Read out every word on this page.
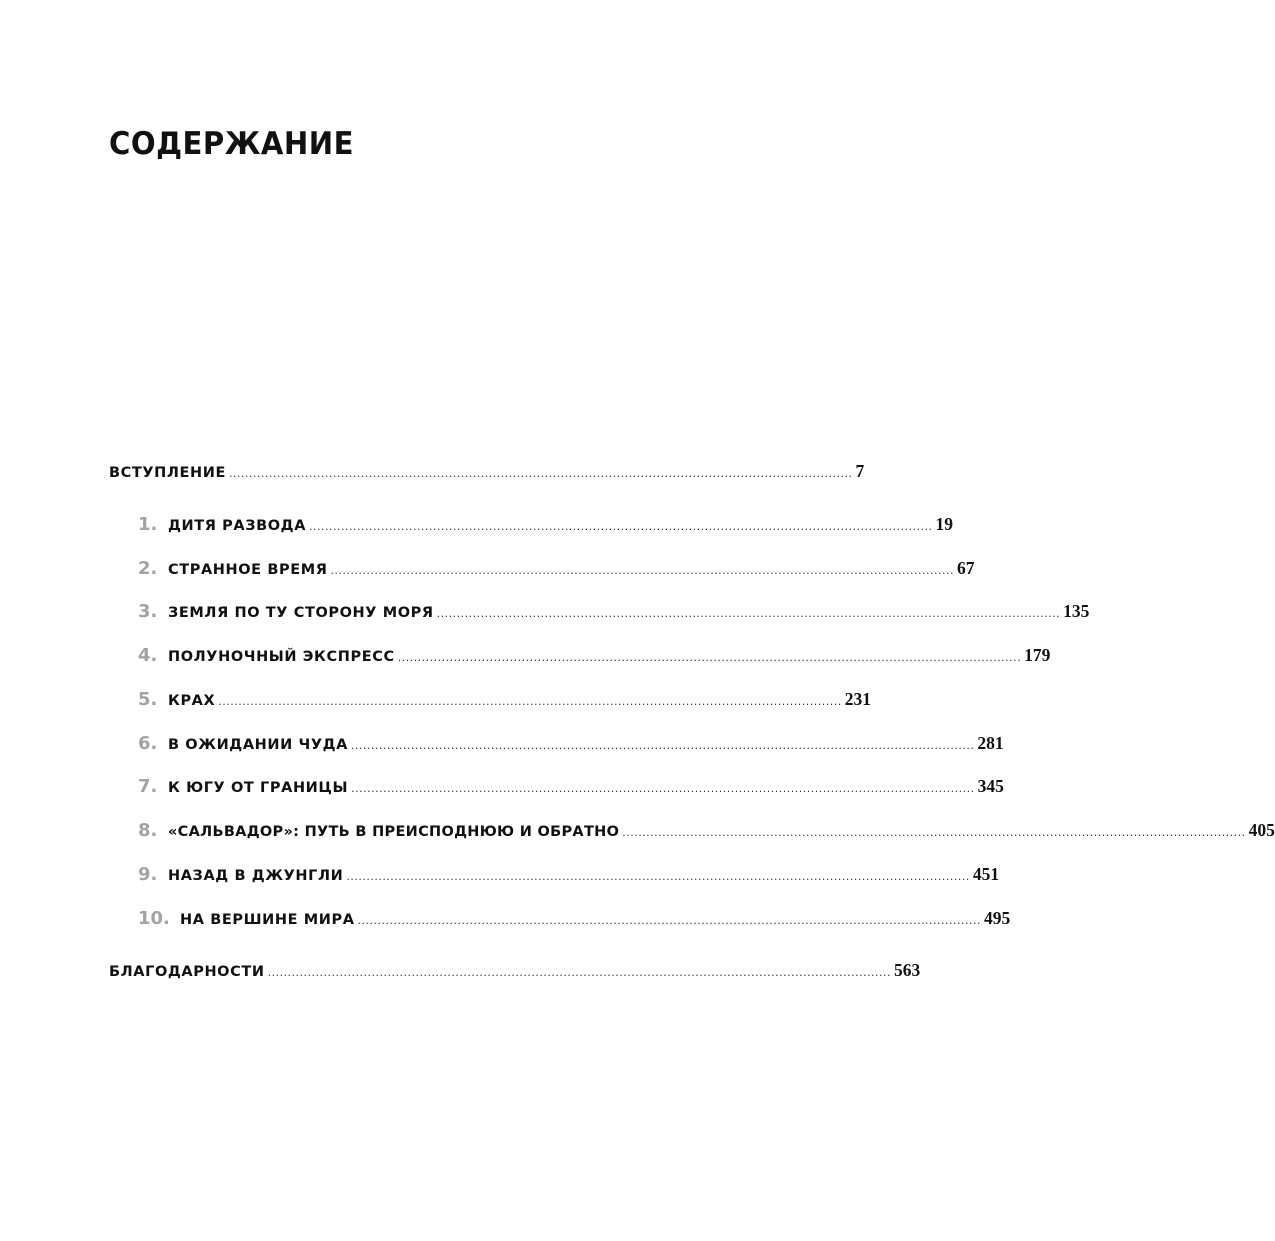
СОДЕРЖАНИЕ
ВСТУПЛЕНИЕ ............................................................................................................................................................ 7
1. ДИТЯ РАЗВОДА ............................................................................................................................................................ 19
2. СТРАННОЕ ВРЕМЯ ............................................................................................................................................................ 67
3. ЗЕМЛЯ ПО ТУ СТОРОНУ МОРЯ ............................................................................................................................................................ 135
4. ПОЛУНОЧНЫЙ ЭКСПРЕСС ............................................................................................................................................................ 179
5. КРАХ ............................................................................................................................................................ 231
6. В ОЖИДАНИИ ЧУДА ............................................................................................................................................................ 281
7. К ЮГУ ОТ ГРАНИЦЫ ............................................................................................................................................................ 345
8. «САЛЬВАДОР»: ПУТЬ В ПРЕИСПОДНЮЮ И ОБРАТНО ............................................................................................................................................................ 405
9. НАЗАД В ДЖУНГЛИ ............................................................................................................................................................ 451
10. НА ВЕРШИНЕ МИРА ............................................................................................................................................................ 495
БЛАГОДАРНОСТИ ............................................................................................................................................................ 563
